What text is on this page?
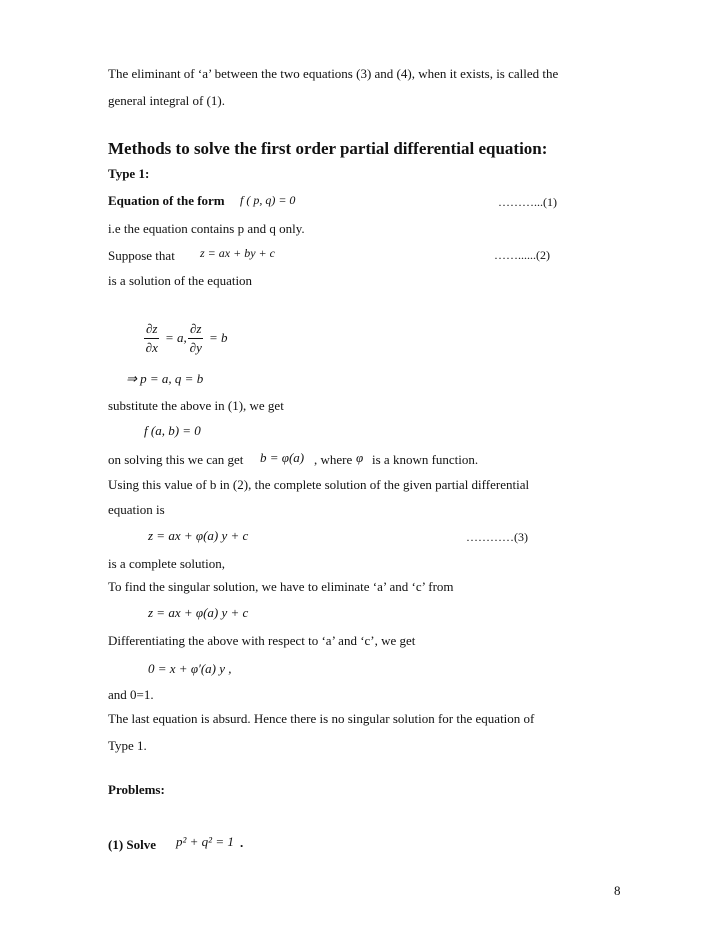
The eliminant of ‘a’ between the two equations (3) and (4), when it exists, is called the
general integral of (1).
Methods to solve the first order partial differential equation:
Type 1:
Equation of the form f ( p, q) = 0	………...(1)
i.e the equation contains p and q only.
Suppose that z = ax + by + c	……......(2)
is a solution of the equation
$\frac{\partial z}{\partial x} = a$, $\frac{\partial z}{\partial y} = b$
⇒ p = a, q = b
substitute the above in (1), we get
f (a, b) = 0
on solving this we can get b = φ(a) , where φ is a known function.
Using this value of b in (2), the complete solution of the given partial differential
equation is
z = ax + φ(a) y + c	…………(3)
is a complete solution,
To find the singular solution, we have to eliminate ‘a’ and ‘c’ from
z = ax + φ(a) y + c
Differentiating the above with respect to ‘a’ and ‘c’, we get
0 = x + φ′(a) y ,
and 0=1.
The last equation is absurd. Hence there is no singular solution for the equation of
Type 1.
Problems:
(1) Solve p² + q² = 1 .
8
